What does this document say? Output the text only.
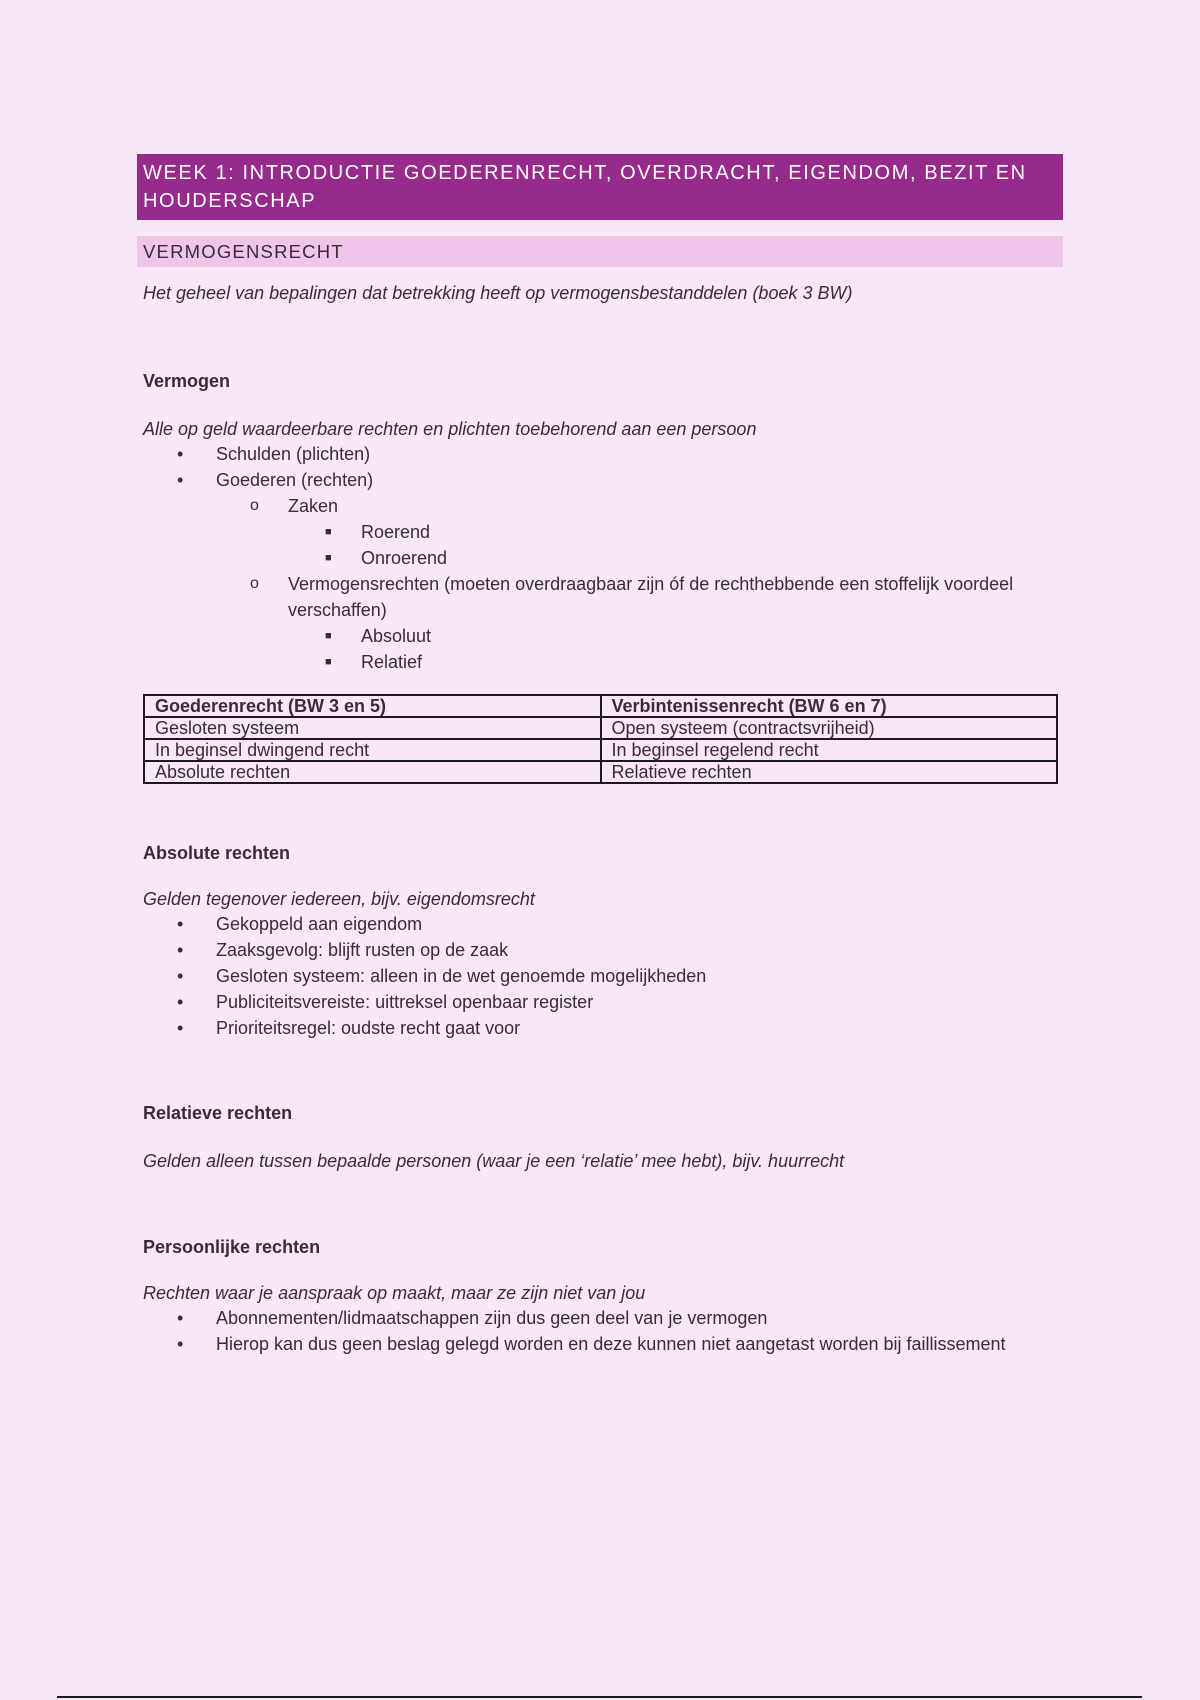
WEEK 1: INTRODUCTIE GOEDERENRECHT, OVERDRACHT, EIGENDOM, BEZIT EN HOUDERSCHAP
VERMOGENSRECHT

Het geheel van bepalingen dat betrekking heeft op vermogensbestanddelen (boek 3 BW)

Vermogen

Alle op geld waardeerbare rechten en plichten toebehorend aan een persoon

• Schulden (plichten)
• Goederen (rechten)
o Zaken
■ Roerend
■ Onroerend
o Vermogensrechten (moeten overdraagbaar zijn óf de rechthebbende een stoffelijk voordeel verschaffen)
■ Absoluut
■ Relatief
Goederenrecht (BW 3 en 5)	Verbintenissenrecht (BW 6 en 7)
Gesloten systeem	Open systeem (contractsvrijheid)
In beginsel dwingend recht	In beginsel regelend recht
Absolute rechten	Relatieve rechten

Absolute rechten

Gelden tegenover iedereen, bijv. eigendomsrecht

• Gekoppeld aan eigendom
• Zaaksgevolg: blijft rusten op de zaak
• Gesloten systeem: alleen in de wet genoemde mogelijkheden
• Publiciteitsvereiste: uittreksel openbaar register
• Prioriteitsregel: oudste recht gaat voor

Relatieve rechten

Gelden alleen tussen bepaalde personen (waar je een ‘relatie’ mee hebt), bijv. huurrecht

Persoonlijke rechten

Rechten waar je aanspraak op maakt, maar ze zijn niet van jou

• Abonnementen/lidmaatschappen zijn dus geen deel van je vermogen
• Hierop kan dus geen beslag gelegd worden en deze kunnen niet aangetast worden bij faillissement
